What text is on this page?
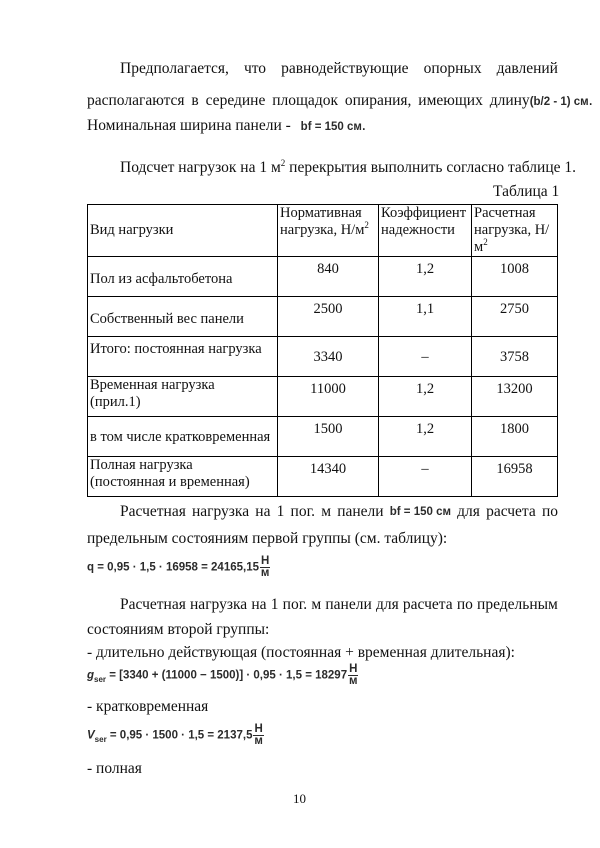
Предполагается, что равнодействующие опорных давлений
располагаются в середине площадок опирания, имеющих длину (b/2 - 1) см.
Номинальная ширина панели - bf = 150 см.
Подсчет нагрузок на 1 $м^2$ перекрытия выполнить согласно таблице 1.
Таблица 1
Вид нагрузки	Нормативная нагрузка, $Н/м^2$	Коэффициент надежности	Расчетная нагрузка, $Н/м^2$
Пол из асфальтобетона	840	1,2	1008
Собственный вес панели	2500	1,1	2750
Итого: постоянная нагрузка	3340	–	3758

Временная нагрузка (прил.1)	11000	1,2	13200
в том числе кратковременная	1500	1,2	1800

Полная нагрузка (постоянная и временная)	14340	–	16958
Расчетная нагрузка на 1 пог. м панели bf = 150 см для расчета по
предельным состояниям первой группы (см. таблицу):
$q = 0,95 \cdot 1,5 \cdot 16958 = 24165,15 \frac{Н}{м}$
Расчетная нагрузка на 1 пог. м панели для расчета по предельным
состояниям второй группы:
- длительно действующая (постоянная + временная длительная):
$g_{ser} = [3340 + (11000 - 1500)] \cdot 0,95 \cdot 1,5 = 18297 \frac{Н}{м}$
- кратковременная
$V_{ser} = 0,95 \cdot 1500 \cdot 1,5 = 2137,5 \frac{Н}{м}$
- полная
10
